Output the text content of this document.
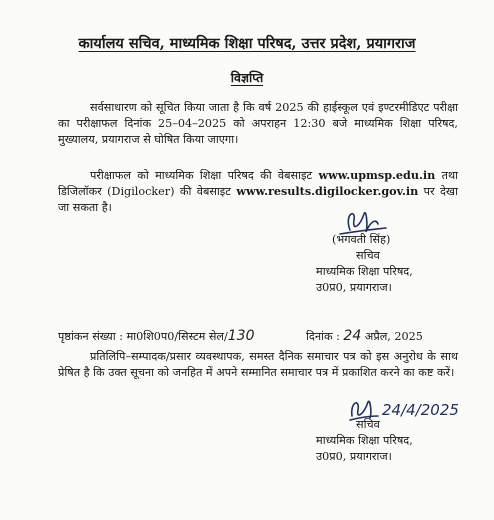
कार्यालय सचिव, माध्यमिक शिक्षा परिषद, उत्तर प्रदेश, प्रयागराज
विज्ञप्ति
सर्वसाधारण को सूचित किया जाता है कि वर्ष 2025 की हाईस्कूल एवं इण्टरमीडिएट परीक्षा का परीक्षाफल दिनांक 25–04–2025 को अपराहन 12:30 बजे माध्यमिक शिक्षा परिषद, मुख्यालय, प्रयागराज से घोषित किया जाएगा।
परीक्षाफल को माध्यमिक शिक्षा परिषद की वेबसाइट www.upmsp.edu.in तथा डिजिलॉकर (Digilocker) की वेबसाइट www.results.digilocker.gov.in पर देखा जा सकता है।
(भगवती सिंह)
सचिव
माध्यमिक शिक्षा परिषद,
उ0प्र0, प्रयागराज।
पृष्ठांकन संख्या : मा0शि0प0/सिस्टम सेल/130	दिनांक : 24 अप्रैल, 2025
प्रतिलिपि–सम्पादक/प्रसार व्यवस्थापक, समस्त दैनिक समाचार पत्र को इस अनुरोध के साथ प्रेषित है कि उक्त सूचना को जनहित में अपने सम्मानित समाचार पत्र में प्रकाशित करने का कष्ट करें।
24/4/2025
सचिव
माध्यमिक शिक्षा परिषद,
उ0प्र0, प्रयागराज।
